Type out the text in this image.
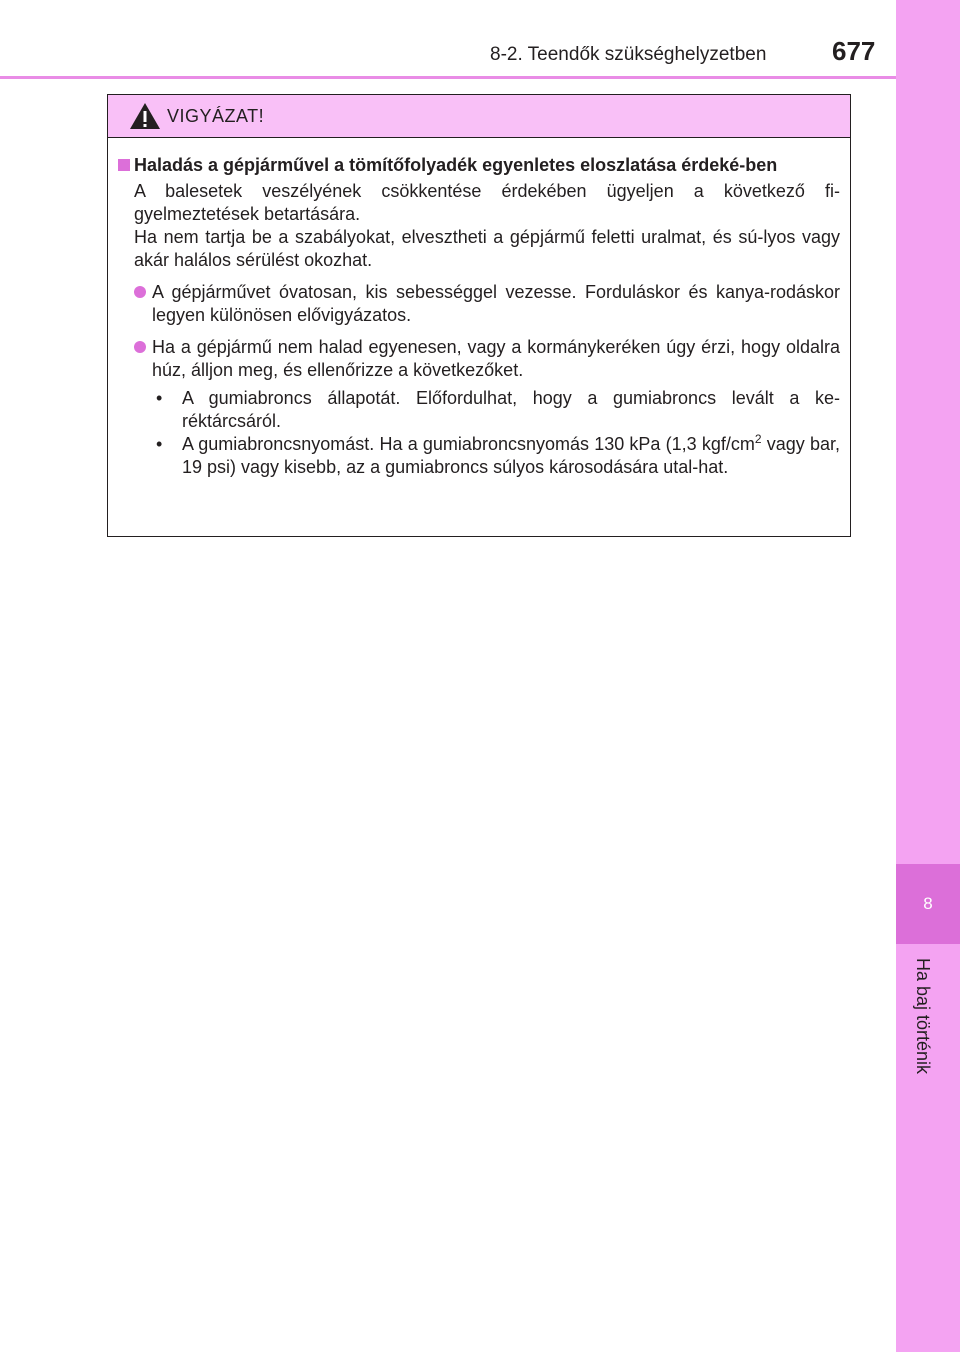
8-2. Teendők szükséghelyzetben	677
8
Ha baj történik
VIGYÁZAT!
Haladás a gépjárművel a tömítőfolyadék egyenletes eloszlatása érdeké-ben
A balesetek veszélyének csökkentése érdekében ügyeljen a következő fi-gyelmeztetések betartására.
Ha nem tartja be a szabályokat, elvesztheti a gépjármű feletti uralmat, és sú-lyos vagy akár halálos sérülést okozhat.
A gépjárművet óvatosan, kis sebességgel vezesse. Forduláskor és kanya-rodáskor legyen különösen elővigyázatos.
Ha a gépjármű nem halad egyenesen, vagy a kormánykeréken úgy érzi, hogy oldalra húz, álljon meg, és ellenőrizze a következőket.
•	A gumiabroncs állapotát. Előfordulhat, hogy a gumiabroncs levált a ke-réktárcsáról.
•	A gumiabroncsnyomást. Ha a gumiabroncsnyomás 130 kPa (1,3 kgf/$cm^2$ vagy bar, 19 psi) vagy kisebb, az a gumiabroncs súlyos károsodására utal-hat.
